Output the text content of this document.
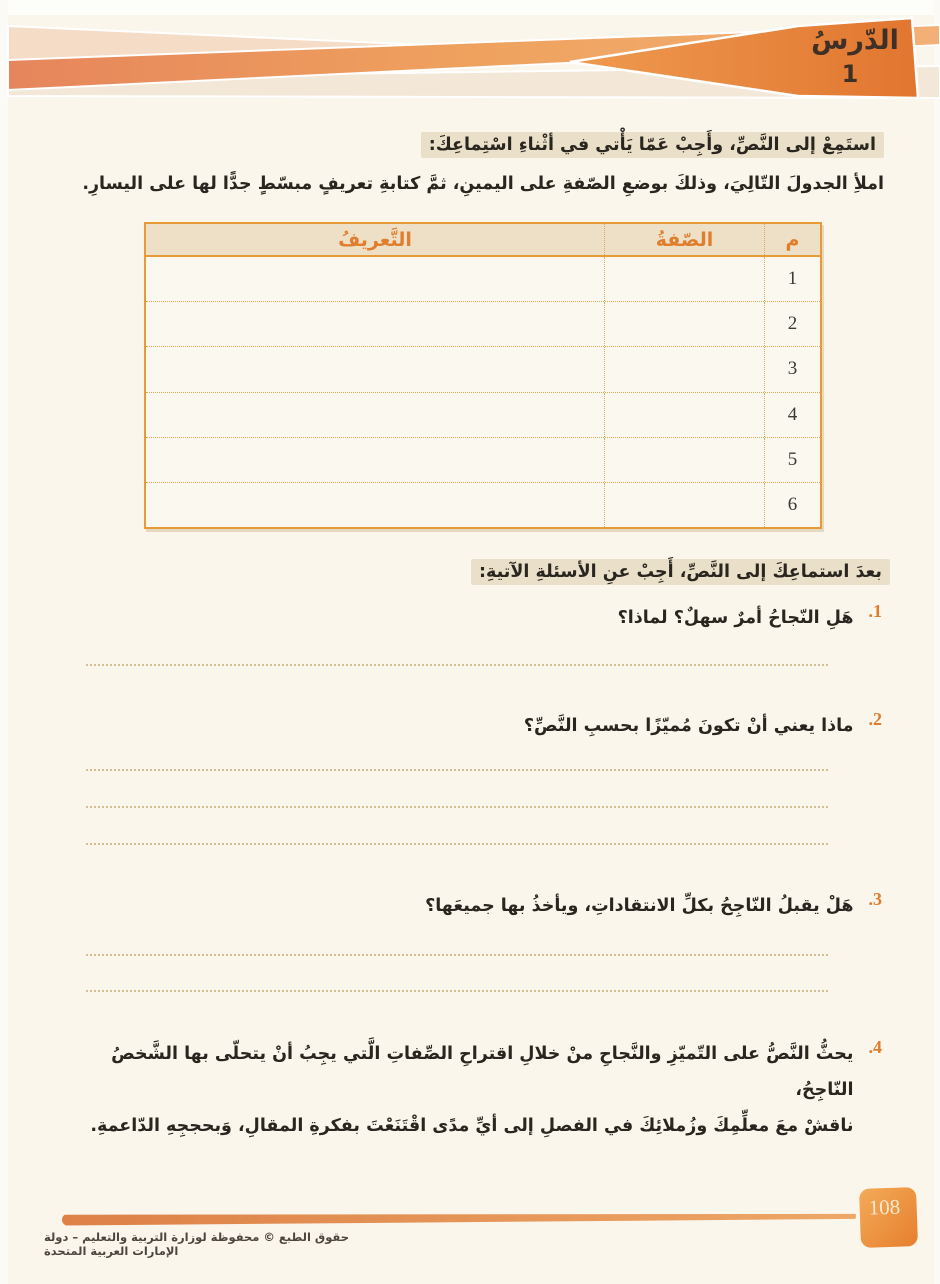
الدّرسُ
1
استَمِعْ إلى النَّصِّ، وأَجِبْ عَمّا يَأْتي في أثْناءِ اسْتِماعِكَ:
املأِ الجدولَ التّالِيَ، وذلكَ بوضعِ الصّفةِ على اليمينِ، ثمَّ كتابةِ تعريفٍ مبسّطٍ جدًّا لها على اليسارِ.
م
الصّفةُ
التَّعريفُ
1
2
3
4
5
6
بعدَ استماعِكَ إلى النَّصِّ، أَجِبْ عنِ الأسئلةِ الآتيةِ:
1.
هَلِ النّجاحُ أمرٌ سهلٌ؟ لماذا؟
2.
ماذا يعني أنْ تكونَ مُميّزًا بحسبِ النَّصِّ؟
3.
هَلْ يقبلُ النّاجِحُ بكلِّ الانتقاداتِ، ويأخذُ بها جميعَها؟
4.
يحثُّ النَّصُّ على التّميّزِ والنَّجاحِ منْ خلالِ اقتراحِ الصِّفاتِ الَّتي يجِبُ أنْ يتحلّى بها الشَّخصُ النّاجِحُ،
ناقشْ معَ معلِّمِكَ وزُملائِكَ في الفصلِ إلى أيِّ مدًى اقْتَنَعْتَ بفكرةِ المقالِ، وَبحججِهِ الدّاعمةِ.
108
حقوق الطبع © محفوظة لوزارة التربية والتعليم – دولة الإمارات العربية المتحدة
